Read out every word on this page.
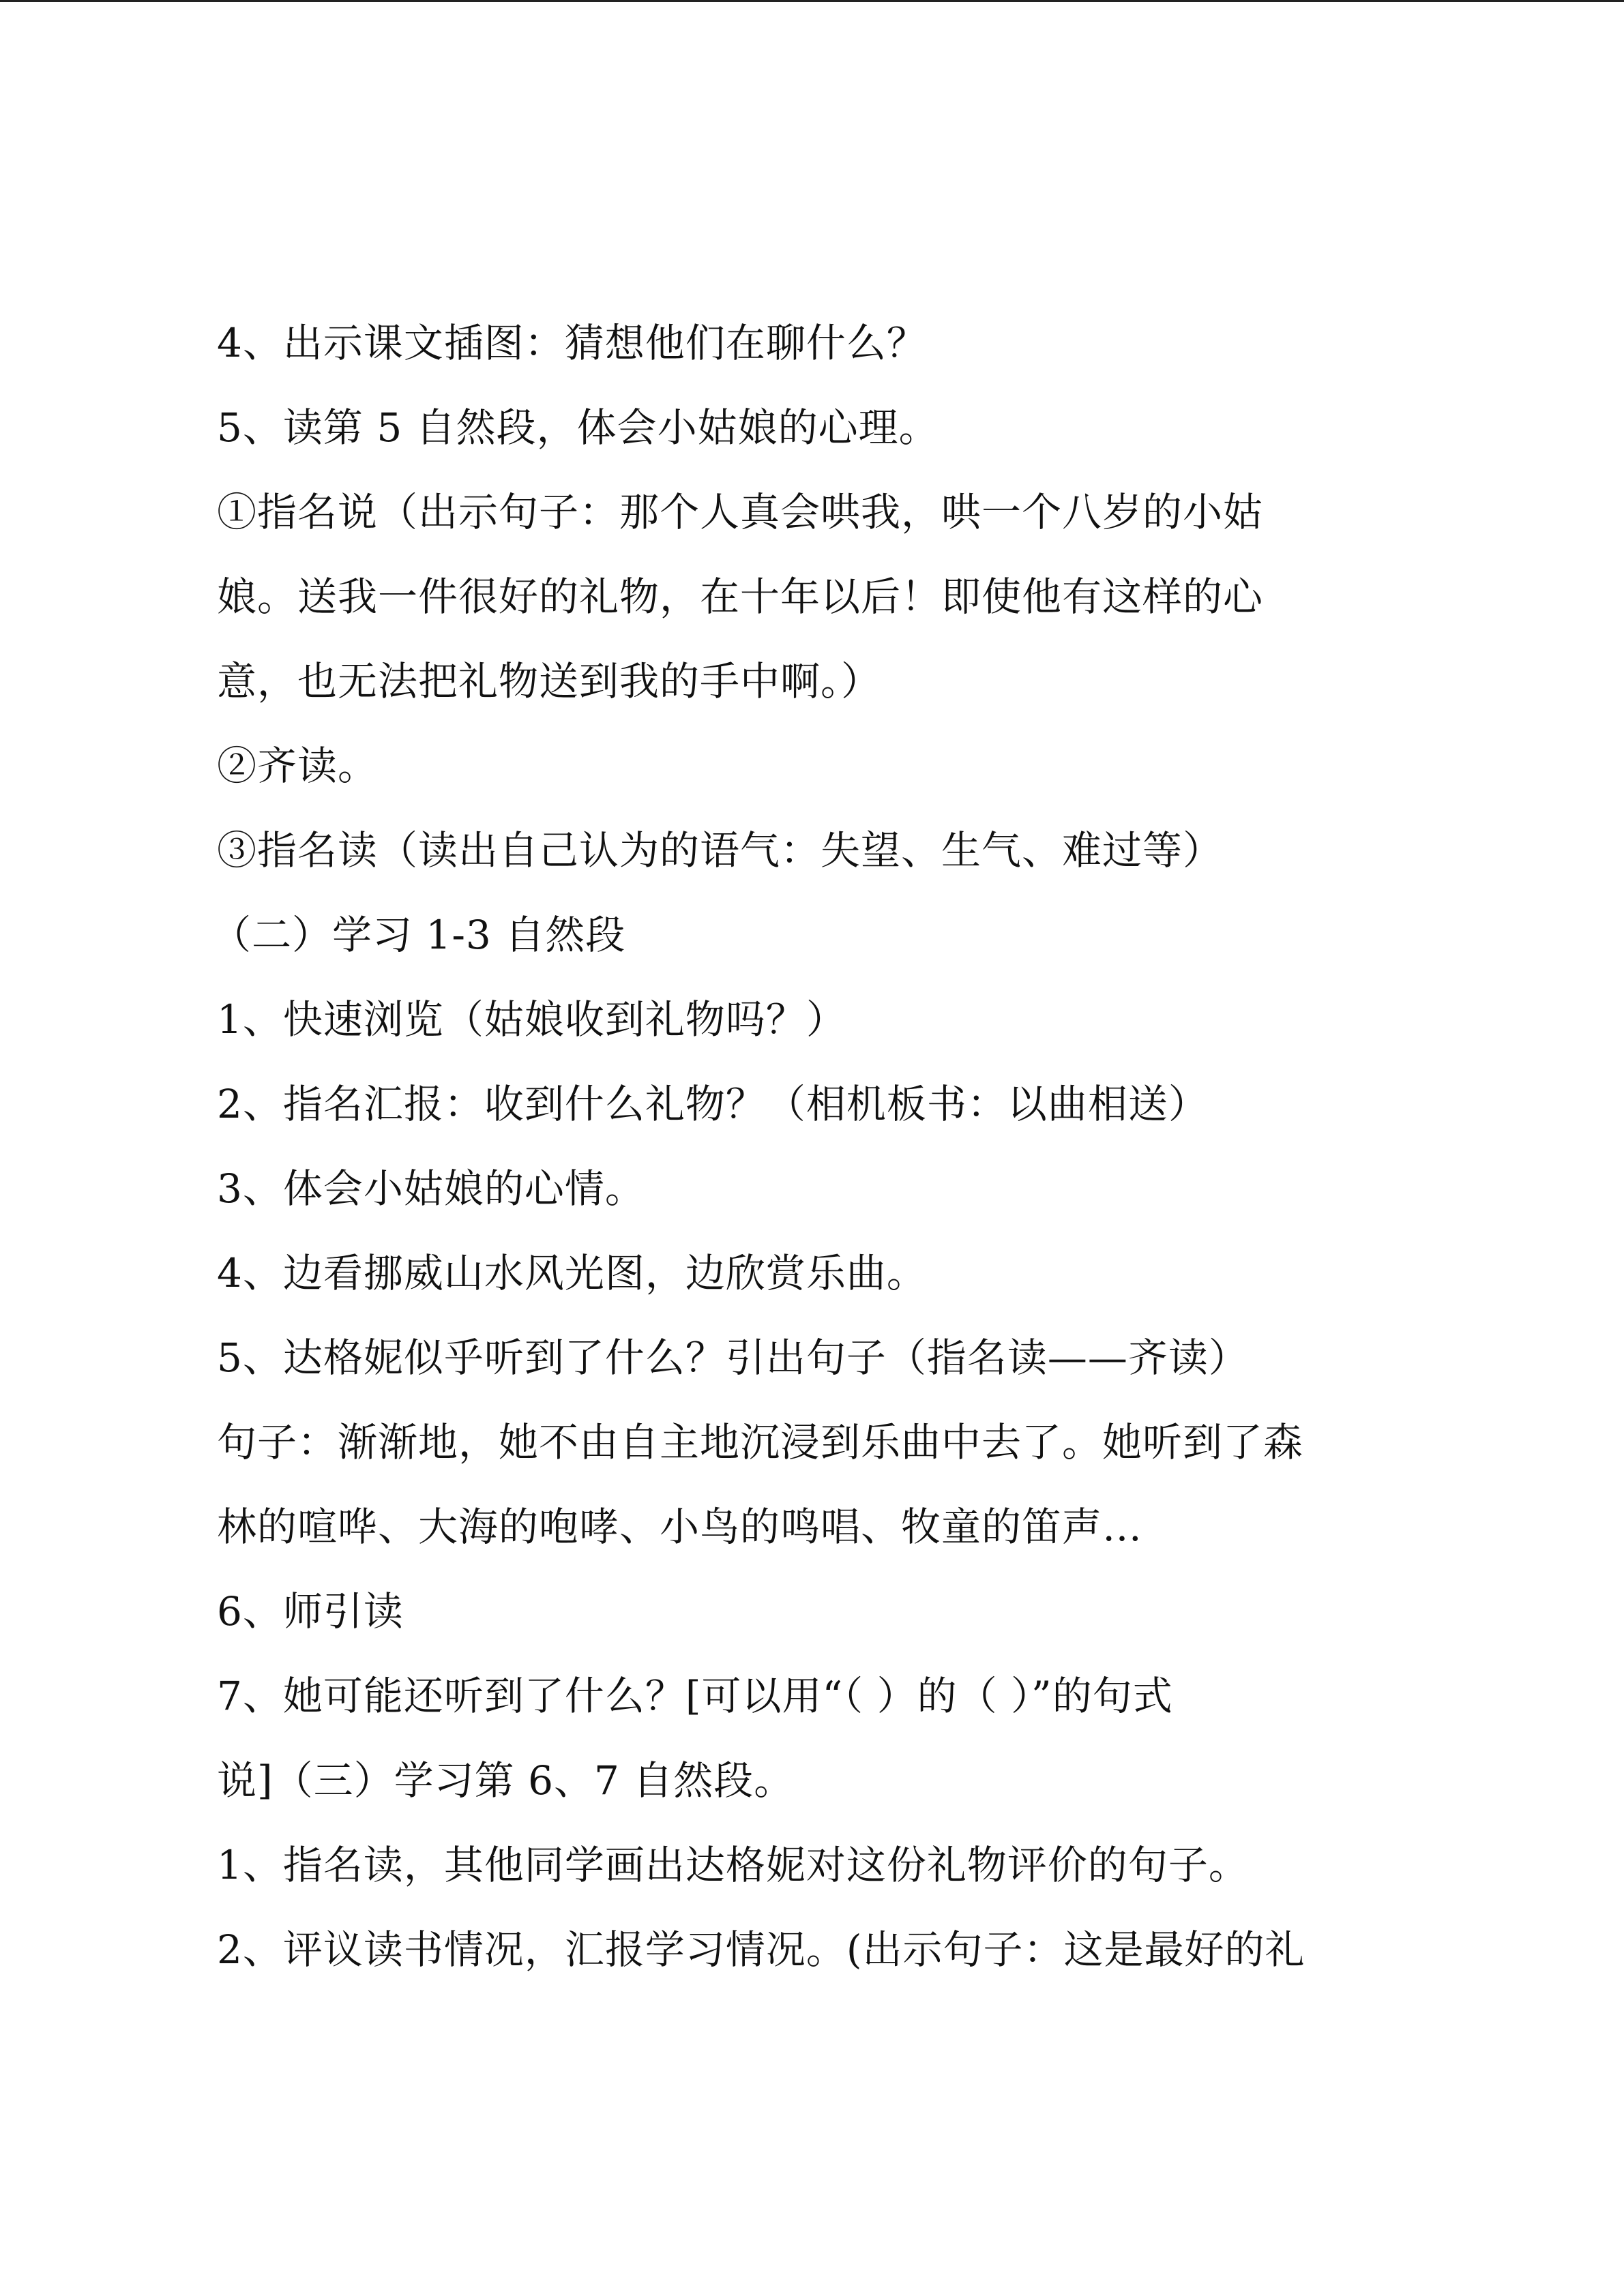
4、出示课文插图：猜想他们在聊什么？
5、读第 5 自然段，体会小姑娘的心理。
①指名说（出示句子：那个人真会哄我，哄一个八岁的小姑
娘。送我一件很好的礼物，在十年以后！即使他有这样的心
意，也无法把礼物送到我的手中啊。）
②齐读。
③指名读（读出自己认为的语气：失望、生气、难过等）
（二）学习 1-3 自然段
1、快速浏览（姑娘收到礼物吗？）
2、指名汇报：收到什么礼物？（相机板书：以曲相送）
3、体会小姑娘的心情。
4、边看挪威山水风光图，边欣赏乐曲。
5、达格妮似乎听到了什么？引出句子（指名读——齐读）
句子：渐渐地，她不由自主地沉浸到乐曲中去了。她听到了森
林的喧哗、大海的咆哮、小鸟的鸣唱、牧童的笛声…
6、师引读
7、她可能还听到了什么？[可以用“（ ）的（ ）”的句式
说]（三）学习第 6、7 自然段。
1、指名读，其他同学画出达格妮对这份礼物评价的句子。
2、评议读书情况，汇报学习情况。(出示句子：这是最好的礼
